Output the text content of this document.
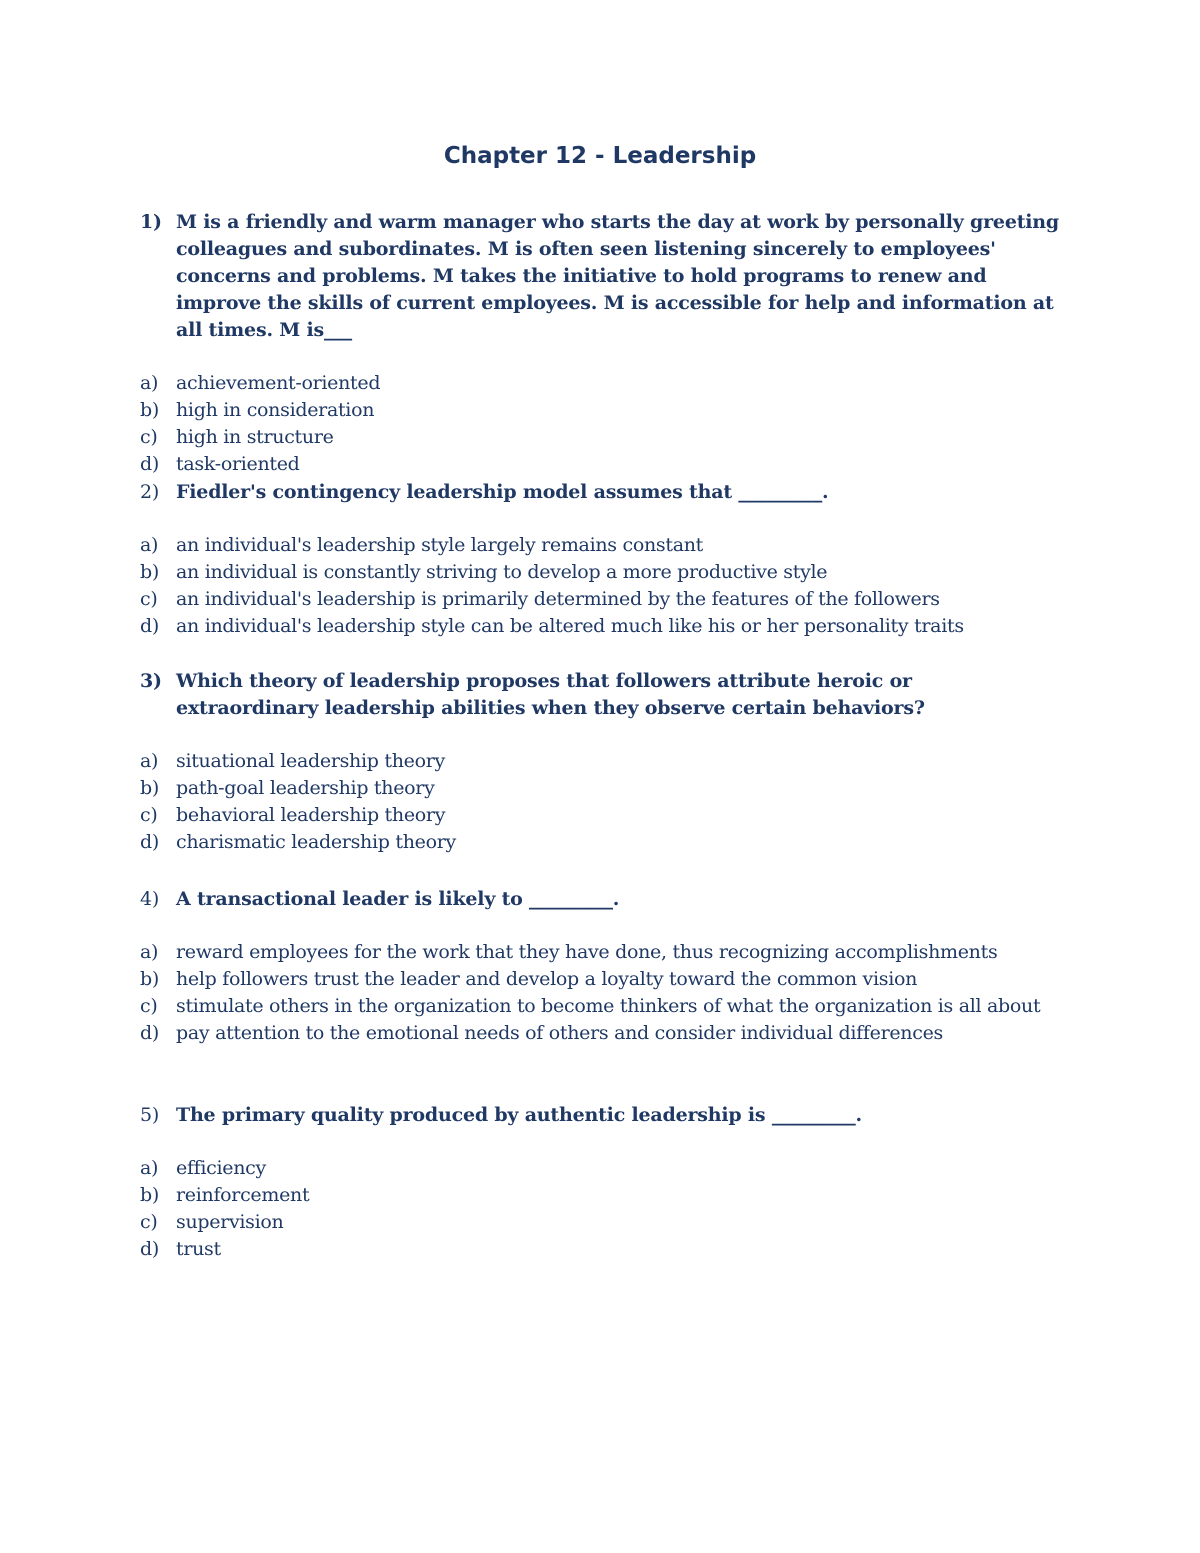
Chapter 12 - Leadership
1) M is a friendly and warm manager who starts the day at work by personally greeting colleagues and subordinates. M is often seen listening sincerely to employees' concerns and problems. M takes the initiative to hold programs to renew and improve the skills of current employees. M is accessible for help and information at all times. M is___
a) achievement-oriented
b) high in consideration
c) high in structure
d) task-oriented
2) Fiedler's contingency leadership model assumes that _________.
a) an individual's leadership style largely remains constant
b) an individual is constantly striving to develop a more productive style
c) an individual's leadership is primarily determined by the features of the followers
d) an individual's leadership style can be altered much like his or her personality traits
3) Which theory of leadership proposes that followers attribute heroic or extraordinary leadership abilities when they observe certain behaviors?
a) situational leadership theory
b) path-goal leadership theory
c) behavioral leadership theory
d) charismatic leadership theory
4) A transactional leader is likely to _________.
a) reward employees for the work that they have done, thus recognizing accomplishments
b) help followers trust the leader and develop a loyalty toward the common vision
c) stimulate others in the organization to become thinkers of what the organization is all about
d) pay attention to the emotional needs of others and consider individual differences
5) The primary quality produced by authentic leadership is _________.
a) efficiency
b) reinforcement
c) supervision
d) trust
